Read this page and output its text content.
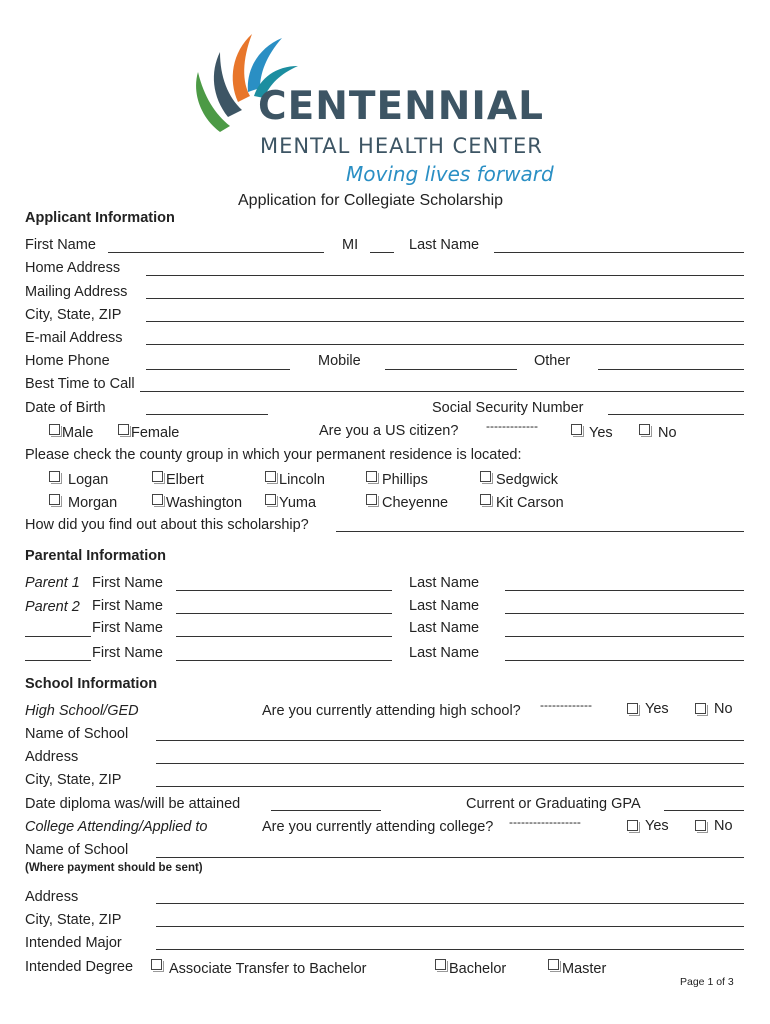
CENTENNIAL
MENTAL HEALTH CENTER
Moving lives forward
Application for Collegiate Scholarship
Applicant Information
First Name	MI	Last Name
Home Address
Mailing Address
City, State, ZIP
E-mail Address
Home Phone	Mobile	Other
Best Time to Call
Date of Birth	Social Security Number
Male	Female	Are you a US citizen? -------------	Yes	No
Please check the county group in which your permanent residence is located:
Logan	Elbert	Lincoln	Phillips	Sedgwick
Morgan	Washington	Yuma	Cheyenne	Kit Carson
How did you find out about this scholarship?
Parental Information
Parent 1 First Name	Last Name
Parent 2 First Name	Last Name
First Name	Last Name
First Name	Last Name
School Information
High School/GED	Are you currently attending high school? -------------	Yes	No
Name of School
Address
City, State, ZIP
Date diploma was/will be attained	Current or Graduating GPA
College Attending/Applied to	Are you currently attending college? ------------------	Yes	No
Name of School
(Where payment should be sent)
Address
City, State, ZIP
Intended Major
Intended Degree Associate Transfer to Bachelor	Bachelor	Master
Page 1 of 3
